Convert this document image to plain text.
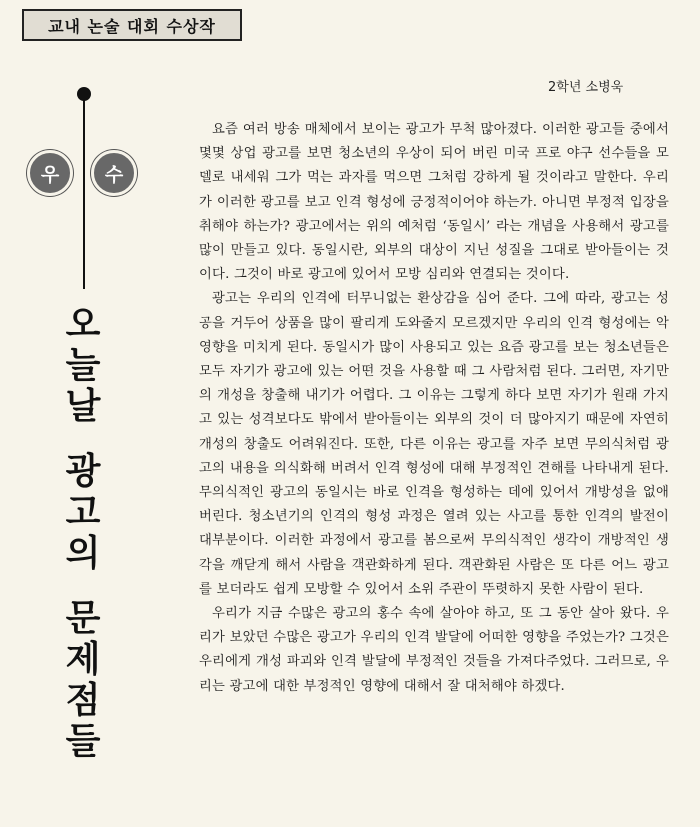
교내 논술 대회 수상작
2학년 소병욱
우	수
오
늘
날
광
고
의
문
제
점
들

요즘 여러 방송 매체에서 보이는 광고가 무척 많아졌다. 이러한 광고들 중에서 몇몇 상업 광고를 보면 청소년의 우상이 되어 버린 미국 프로 야구 선수들을 모델로 내세워 그가 먹는 과자를 먹으면 그처럼 강하게 될 것이라고 말한다. 우리가 이러한 광고를 보고 인격 형성에 긍정적이어야 하는가. 아니면 부정적 입장을 취해야 하는가? 광고에서는 위의 예처럼 ‘동일시’ 라는 개념을 사용해서 광고를 많이 만들고 있다. 동일시란, 외부의 대상이 지닌 성질을 그대로 받아들이는 것이다. 그것이 바로 광고에 있어서 모방 심리와 연결되는 것이다.

광고는 우리의 인격에 터무니없는 환상감을 심어 준다. 그에 따라, 광고는 성공을 거두어 상품을 많이 팔리게 도와줄지 모르겠지만 우리의 인격 형성에는 악영향을 미치게 된다. 동일시가 많이 사용되고 있는 요즘 광고를 보는 청소년들은 모두 자기가 광고에 있는 어떤 것을 사용할 때 그 사람처럼 된다. 그러면, 자기만의 개성을 창출해 내기가 어렵다. 그 이유는 그렇게 하다 보면 자기가 원래 가지고 있는 성격보다도 밖에서 받아들이는 외부의 것이 더 많아지기 때문에 자연히 개성의 창출도 어려워진다. 또한, 다른 이유는 광고를 자주 보면 무의식처럼 광고의 내용을 의식화해 버려서 인격 형성에 대해 부정적인 견해를 나타내게 된다. 무의식적인 광고의 동일시는 바로 인격을 형성하는 데에 있어서 개방성을 없애 버린다. 청소년기의 인격의 형성 과정은 열려 있는 사고를 통한 인격의 발전이 대부분이다. 이러한 과정에서 광고를 봄으로써 무의식적인 생각이 개방적인 생각을 깨닫게 해서 사람을 객관화하게 된다. 객관화된 사람은 또 다른 어느 광고를 보더라도 쉽게 모방할 수 있어서 소위 주관이 뚜렷하지 못한 사람이 된다.

우리가 지금 수많은 광고의 홍수 속에 살아야 하고, 또 그 동안 살아 왔다. 우리가 보았던 수많은 광고가 우리의 인격 발달에 어떠한 영향을 주었는가? 그것은 우리에게 개성 파괴와 인격 발달에 부정적인 것들을 가져다주었다. 그러므로, 우리는 광고에 대한 부정적인 영향에 대해서 잘 대처해야 하겠다.
